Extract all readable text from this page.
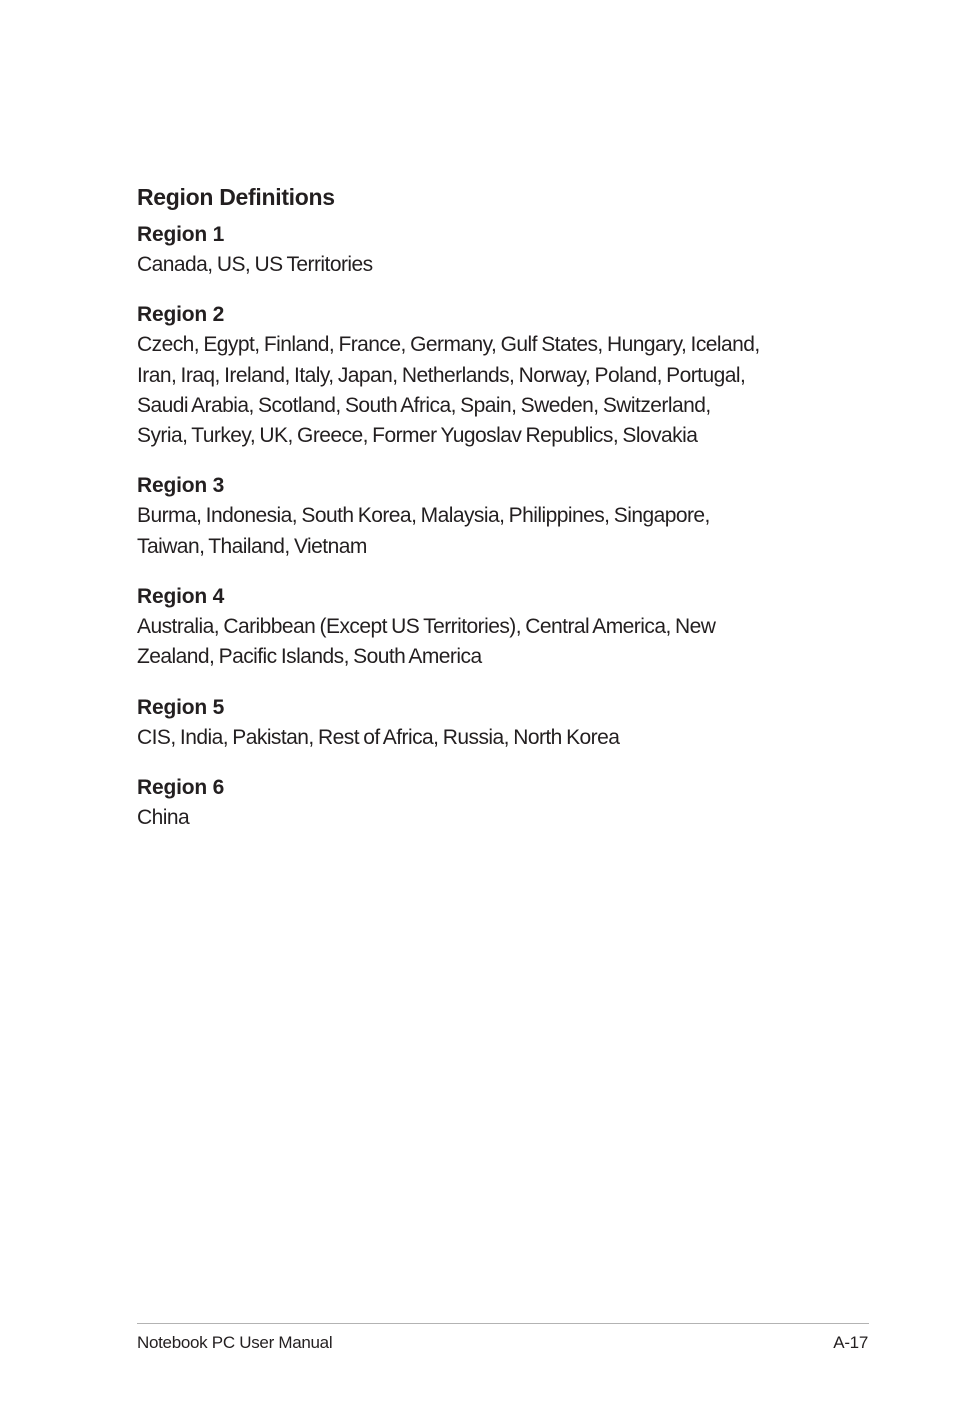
Region Definitions
Region 1
Canada, US, US Territories
Region 2
Czech, Egypt, Finland, France, Germany, Gulf States, Hungary, Iceland,
Iran, Iraq, Ireland, Italy, Japan, Netherlands, Norway, Poland, Portugal,
Saudi Arabia, Scotland, South Africa, Spain, Sweden, Switzerland,
Syria, Turkey, UK, Greece, Former Yugoslav Republics, Slovakia
Region 3
Burma, Indonesia, South Korea, Malaysia, Philippines, Singapore,
Taiwan, Thailand, Vietnam
Region 4
Australia, Caribbean (Except US Territories), Central America, New
Zealand, Pacific Islands, South America
Region 5
CIS, India, Pakistan, Rest of Africa, Russia, North Korea
Region 6
China
Notebook PC User Manual	A-17
